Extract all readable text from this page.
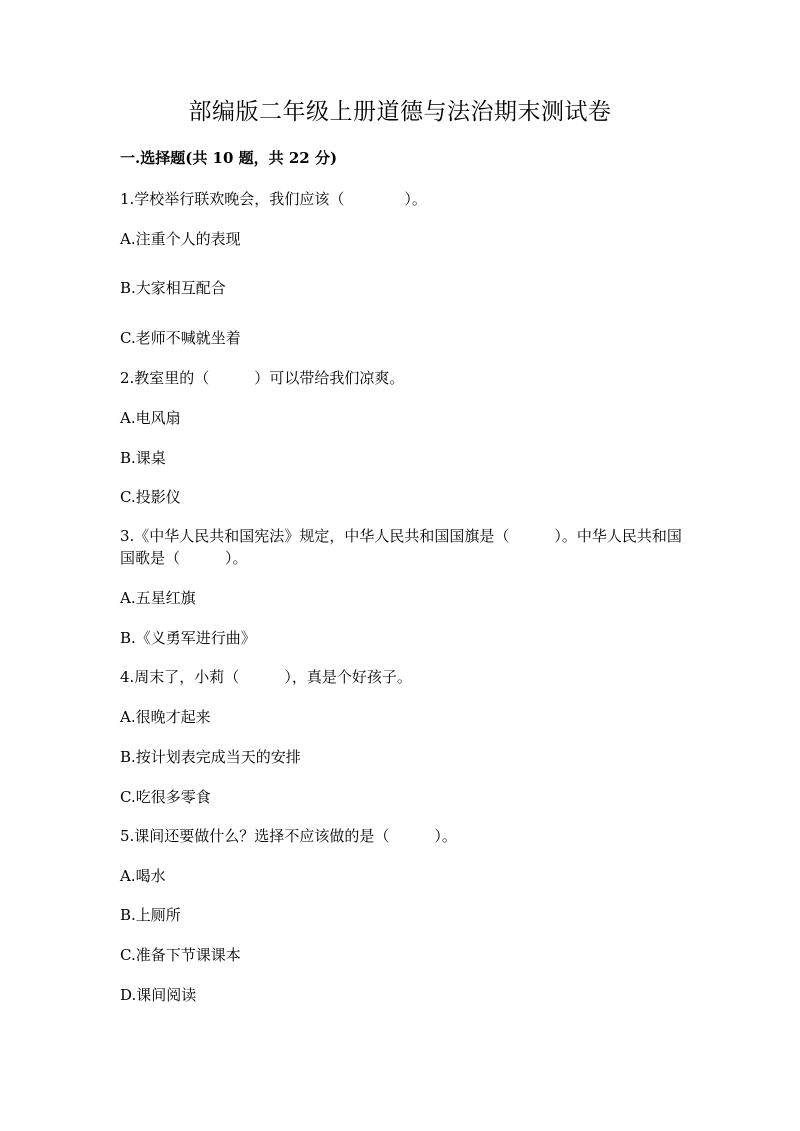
部编版二年级上册道德与法治期末测试卷
一.选择题(共 10 题，共 22 分)
1.学校举行联欢晚会，我们应该（　　　　）。
A.注重个人的表现
B.大家相互配合
C.老师不喊就坐着
2.教室里的（　　　）可以带给我们凉爽。
A.电风扇
B.课桌
C.投影仪
3.《中华人民共和国宪法》规定，中华人民共和国国旗是（　　　）。中华人民共和国国歌是（　　　）。
A.五星红旗
B.《义勇军进行曲》
4.周末了，小莉（　　　），真是个好孩子。
A.很晚才起来
B.按计划表完成当天的安排
C.吃很多零食
5.课间还要做什么？选择不应该做的是（　　　）。
A.喝水
B.上厕所
C.准备下节课课本
D.课间阅读
